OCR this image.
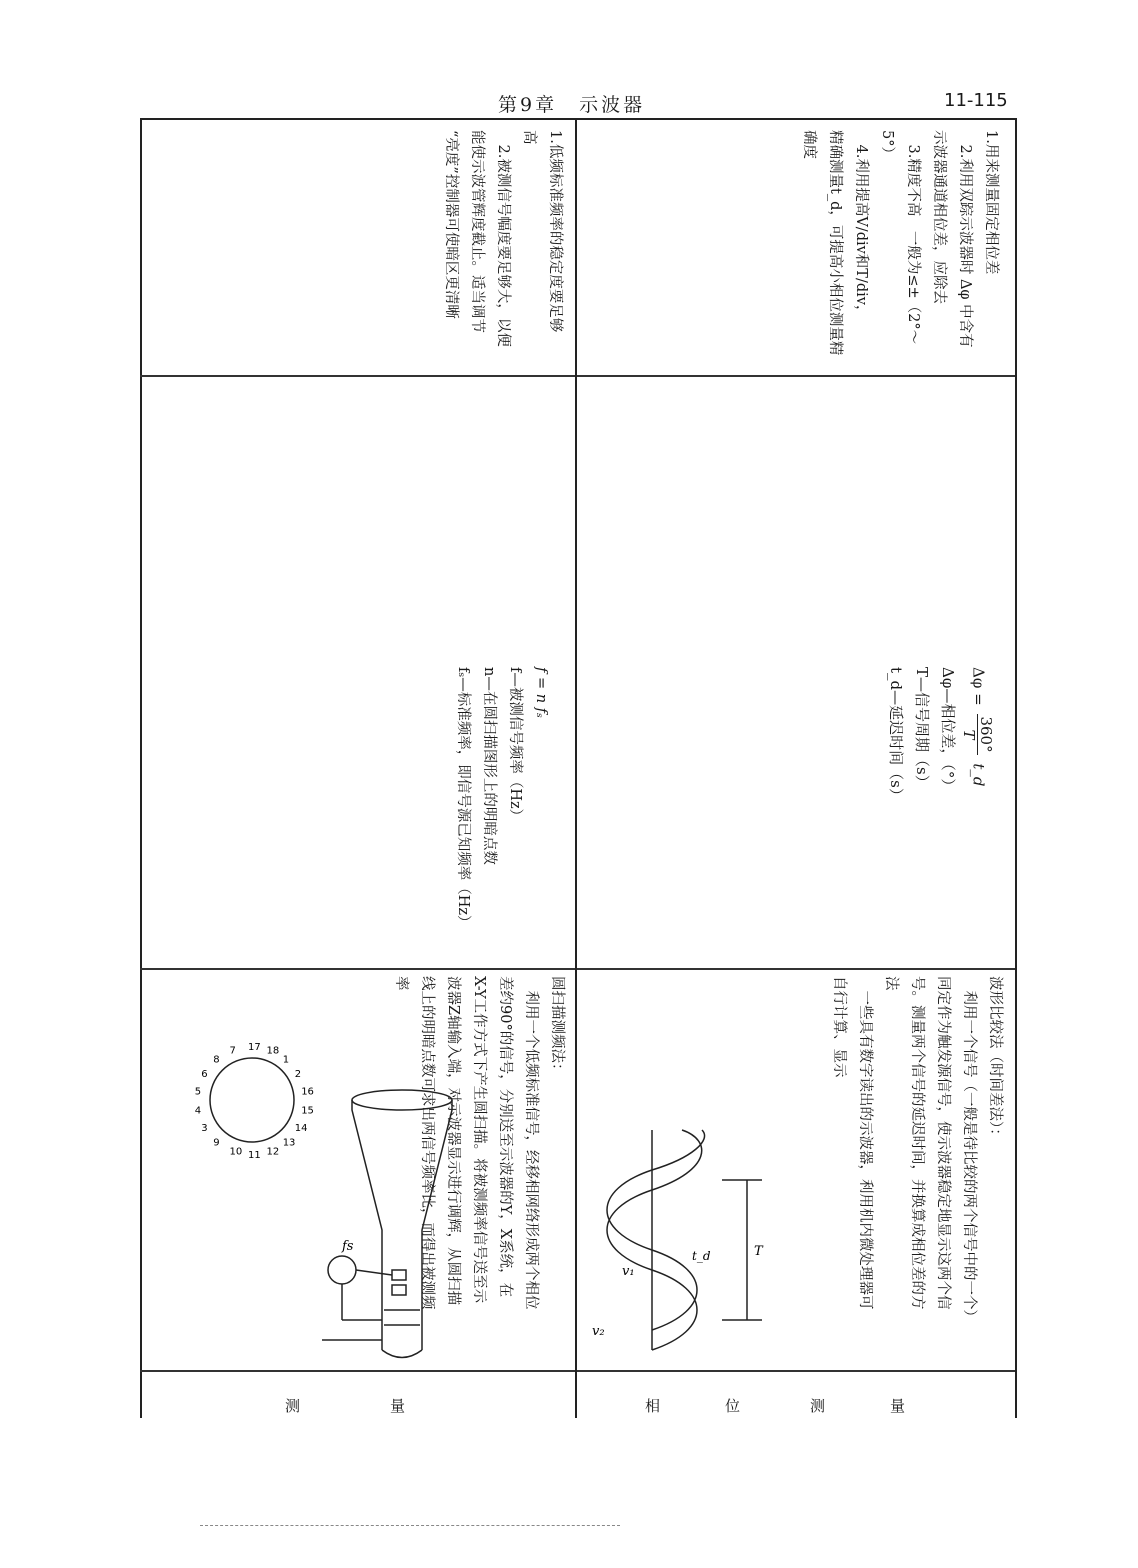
第9章　示波器	11-115
1.低频标准频率的稳定度要足够
高
　2.被测信号幅度要足够大，以便
能使示波管辉度截止。适当调节
“亮度”控制器可使暗区更清晰
f = n fₛ
f—被测信号频率（Hz）
n—在圆扫描图形上的明暗点数
fₛ—标准频率，即信号源已知频率（Hz）
圆扫描测频法：
　利用一个低频标准信号，经移相网络形成两个相位
差约90°的信号，分别送至示波器的Y，X系统，在
X-Y工作方式下产生圆扫描。将被测频率信号送至示
波器Z轴输入端，对示波器显示进行调辉，从圆扫描
线上的明暗点数可求出两信号频率比，而得出被测频
率
fs
17 18
1
2
16
15
14
13
12
11
10
9
3
4
5
6
8
7
测	量
1.用来测量固定相位差
　2.利用双踪示波器时 Δφ 中含有
示波器通道相位差，应除去
　3.精度不高　一般为≤±（2°～
5°）
　4.利用提高V/div和T/div，
精确测量t_d，可提高小相位测量精
确度
Δφ =
360°
T
t_d
Δφ—相位差，（°）
T—信号周期（s）
t_d—延迟时间（s）
波形比较法（时间差法）：
　利用一个信号（一般是待比较的两个信号中的一个）
同定作为触发源信号，使示波器稳定地显示这两个信
号。测量两个信号的延迟时间，并换算成相位差的方
法
　一些具有数字读出的示波器，利用机内微处理器可
自行计算、显示
v₂
v₁
t_d	T
相	位	测	量
